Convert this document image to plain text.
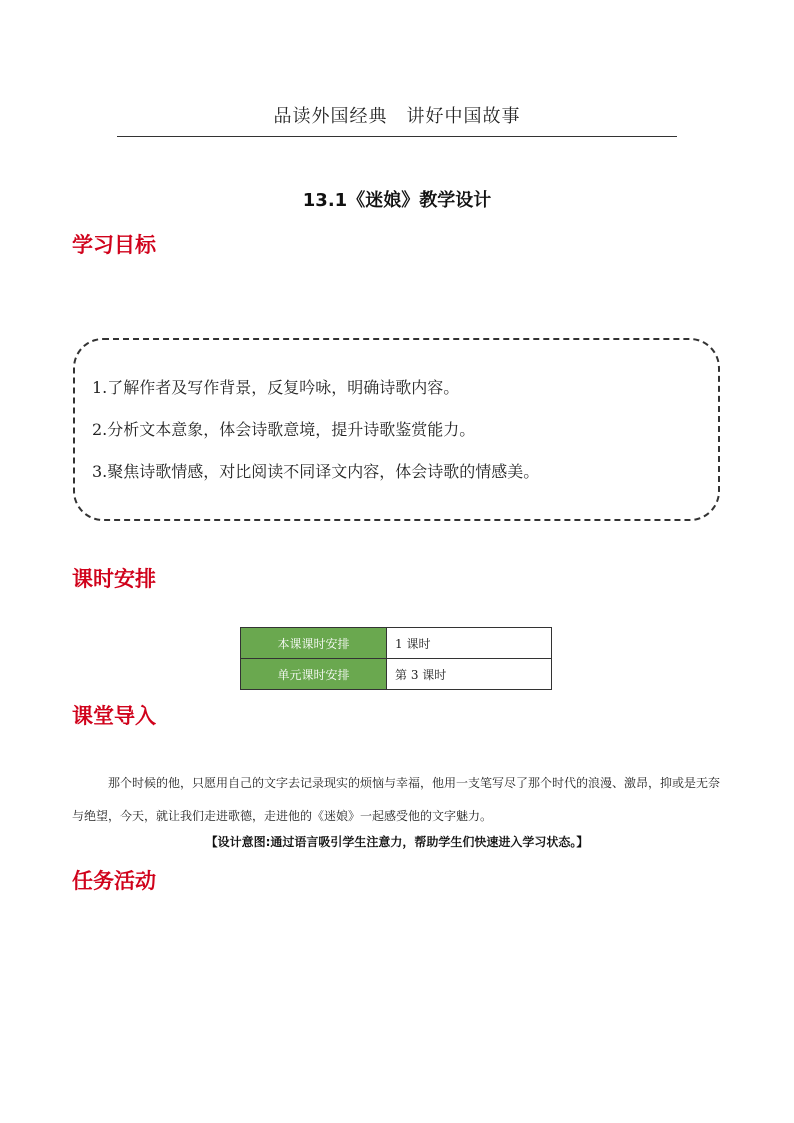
品读外国经典　讲好中国故事
13.1《迷娘》教学设计
学习目标
1.了解作者及写作背景，反复吟咏，明确诗歌内容。
2.分析文本意象，体会诗歌意境，提升诗歌鉴赏能力。
3.聚焦诗歌情感，对比阅读不同译文内容，体会诗歌的情感美。
课时安排
本课课时安排	1 课时
单元课时安排	第 3 课时
课堂导入

那个时候的他，只愿用自己的文字去记录现实的烦恼与幸福，他用一支笔写尽了那个时代的浪漫、激昂，抑或是无奈与绝望，今天，就让我们走进歌德，走进他的《迷娘》一起感受他的文字魅力。

【设计意图:通过语言吸引学生注意力，帮助学生们快速进入学习状态。】
任务活动
